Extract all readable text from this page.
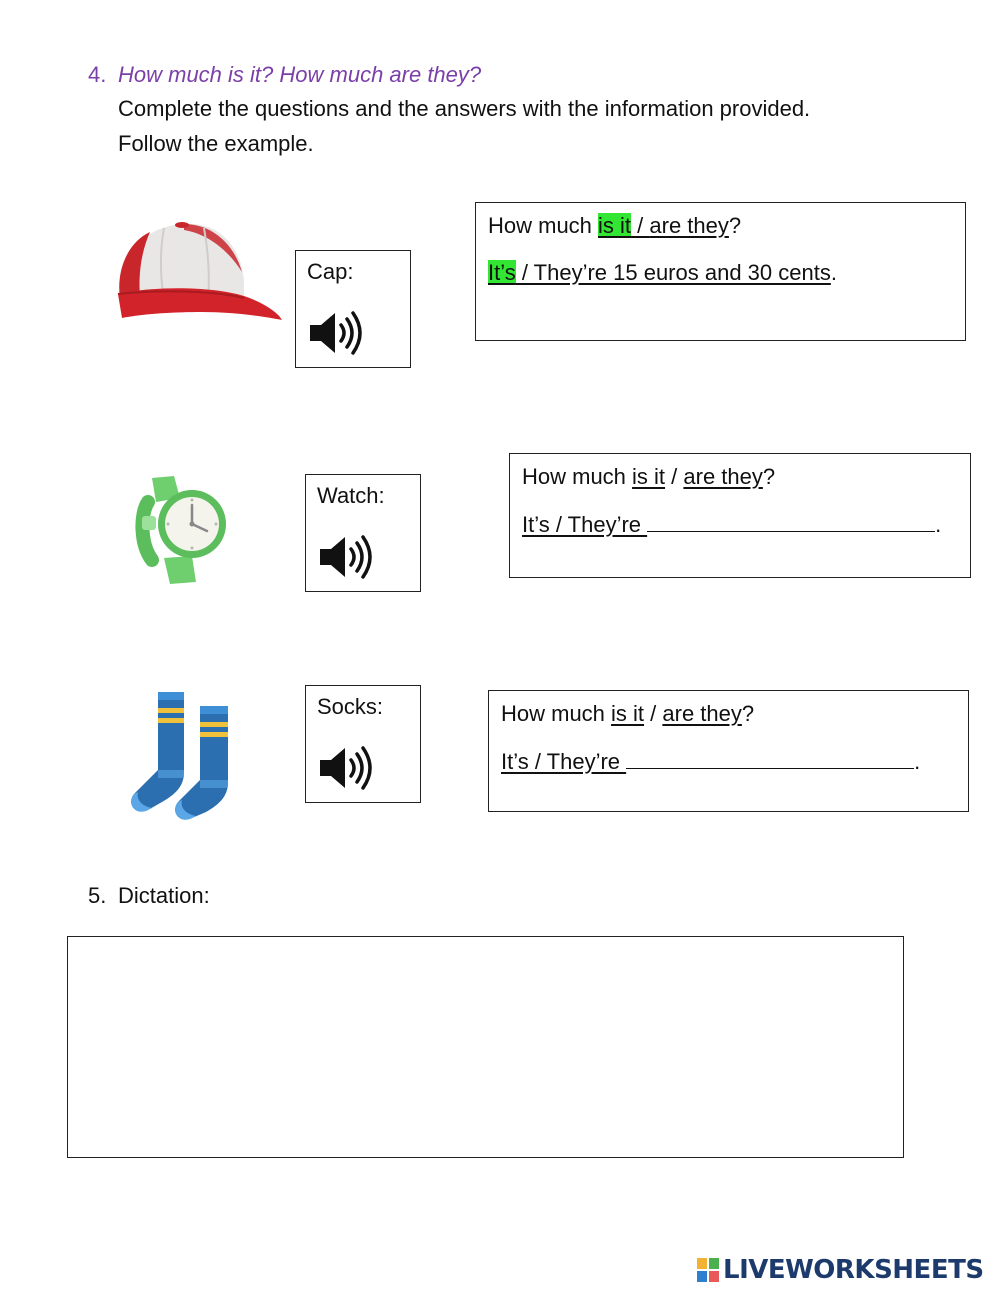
4. How much is it? How much are they?
Complete the questions and the answers with the information provided.
Follow the example.
Cap:
How much is it / are they?
It’s / They’re 15 euros and 30 cents.
Watch:
How much is it / are they?
It’s / They’re	.
Socks:	How much is it / are they?
It’s / They’re	.
5. Dictation:
LIVEWORKSHEETS
